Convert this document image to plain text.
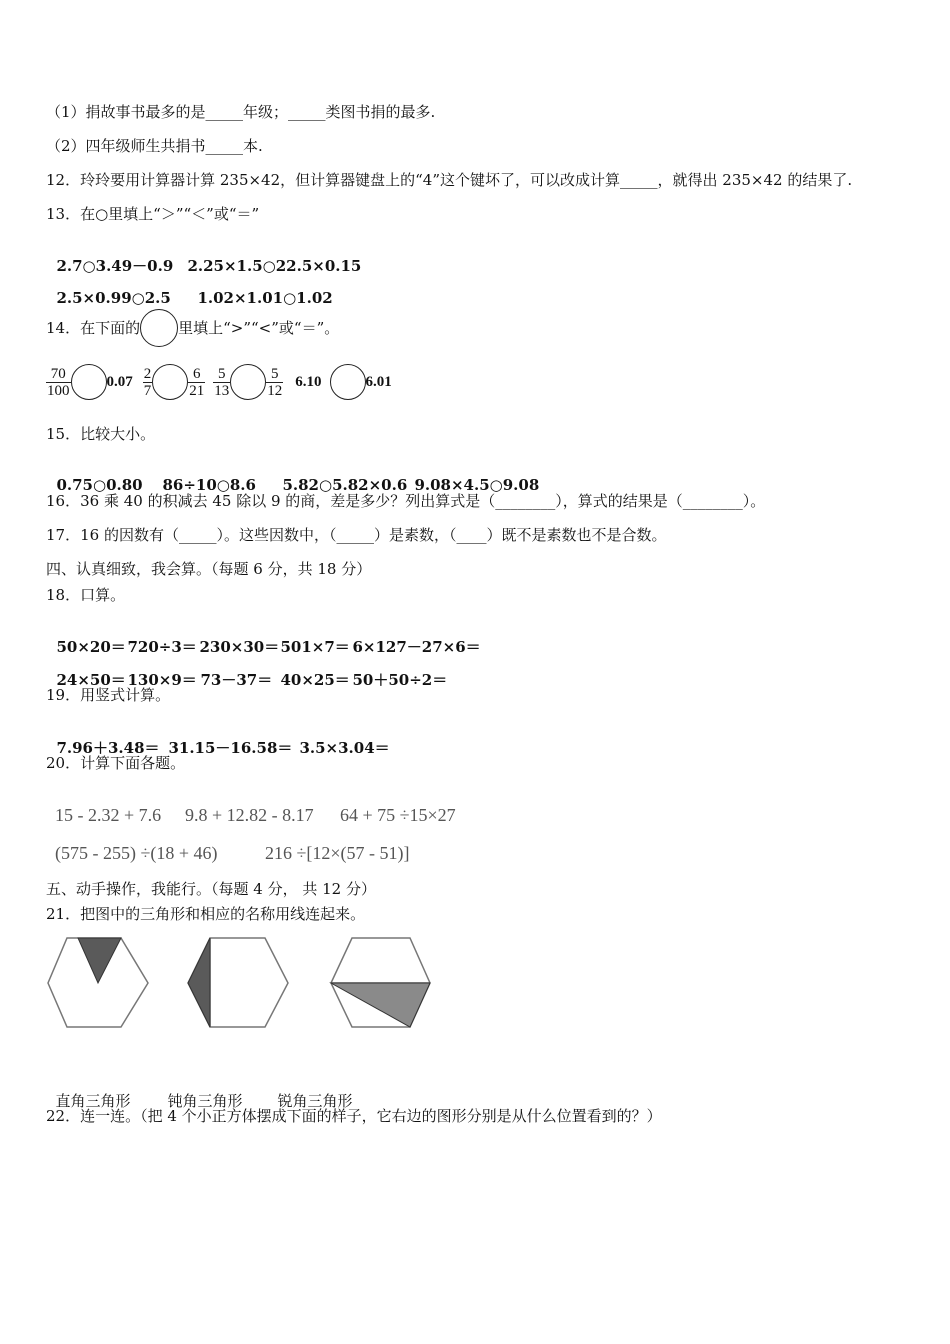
（1）捐故事书最多的是_____年级；_____类图书捐的最多.
（2）四年级师生共捐书_____本.
12．玲玲要用计算器计算 235×42，但计算器键盘上的“4”这个键坏了，可以改成计算_____，就得出 235×42 的结果了.
13．在○里填上“＞”“＜”或“＝”

2.7○3.49－0.9 2.25×1.5○22.5×0.15

2.5×0.99○2.5 1.02×1.01○1.02

14．在下面的	里填上“>”“<”或“＝”。
$\frac{70}{100} 0.07 \frac{2}{7} \frac{6}{21} \frac{5}{13} \frac{5}{12} 6.10$	6.01
15．比较大小。

0.75○0.80 86÷10○8.6 5.82○5.82×0.6 9.08×4.5○9.08

16．36 乘 40 的积减去 45 除以 9 的商，差是多少？列出算式是（________），算式的结果是（________）。
17．16 的因数有（_____）。这些因数中，（_____）是素数，（____）既不是素数也不是合数。
四、认真细致，我会算。（每题 6 分，共 18 分）
18．口算。

50×20＝ 720÷3＝ 230×30＝501×7＝ 6×127－27×6＝

24×50＝ 130×9＝ 73－37＝ 40×25＝ 50＋50÷2＝

19．用竖式计算。

7.96＋3.48＝ 31.15－16.58＝ 3.5×3.04＝

20．计算下面各题。

15 - 2.32 + 7.6 9.8 + 12.82 - 8.17 64 + 75 ÷15×27

(575 - 255) ÷(18 + 46)	216 ÷[12×(57 - 51)]

五、动手操作，我能行。（每题 4 分， 共 12 分）
21．把图中的三角形和相应的名称用线连起来。

直角三角形 钝角三角形 锐角三角形

22．连一连。（把 4 个小正方体摆成下面的样子，它右边的图形分别是从什么位置看到的？）
